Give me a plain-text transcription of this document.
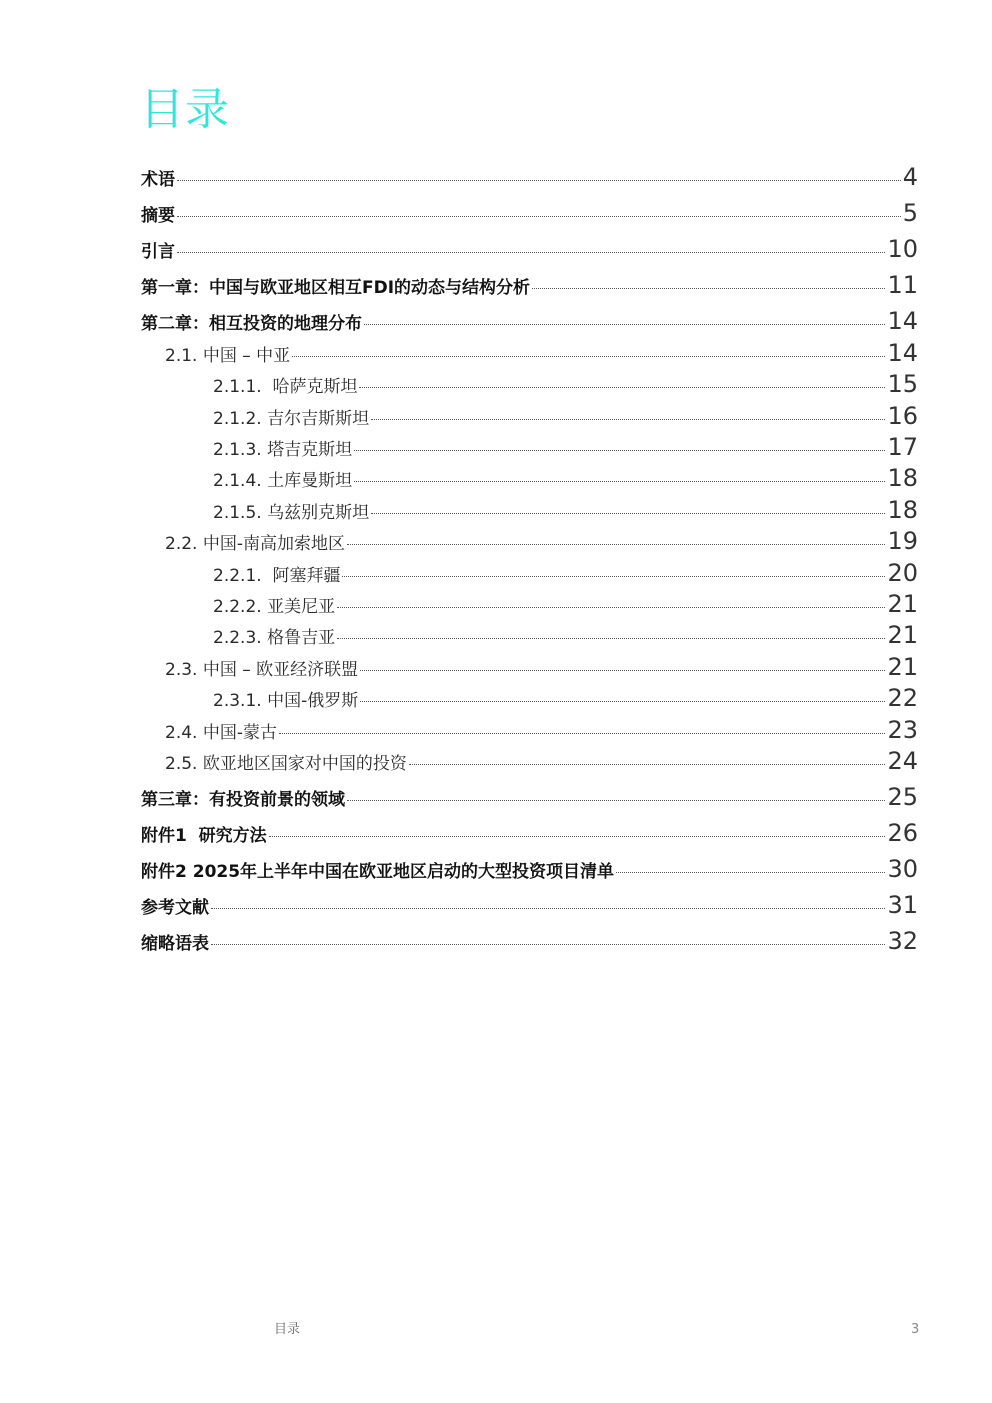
目录
术语	4
摘要	5
引言	10
第一章：中国与欧亚地区相互FDI的动态与结构分析	11
第二章：相互投资的地理分布	14
2.1. 中国 – 中亚	14
2.1.1.  哈萨克斯坦	15
2.1.2. 吉尔吉斯斯坦	16
2.1.3. 塔吉克斯坦	17
2.1.4. 土库曼斯坦	18
2.1.5. 乌兹别克斯坦	18
2.2. 中国-南高加索地区	19
2.2.1.  阿塞拜疆	20
2.2.2. 亚美尼亚	21
2.2.3. 格鲁吉亚	21
2.3. 中国 – 欧亚经济联盟	21
2.3.1. 中国-俄罗斯	22
2.4. 中国-蒙古	23
2.5. 欧亚地区国家对中国的投资	24
第三章：有投资前景的领域	25
附件1  研究方法	26
附件2 2025年上半年中国在欧亚地区启动的大型投资项目清单	30
参考文献	31
缩略语表	32
目录	3
